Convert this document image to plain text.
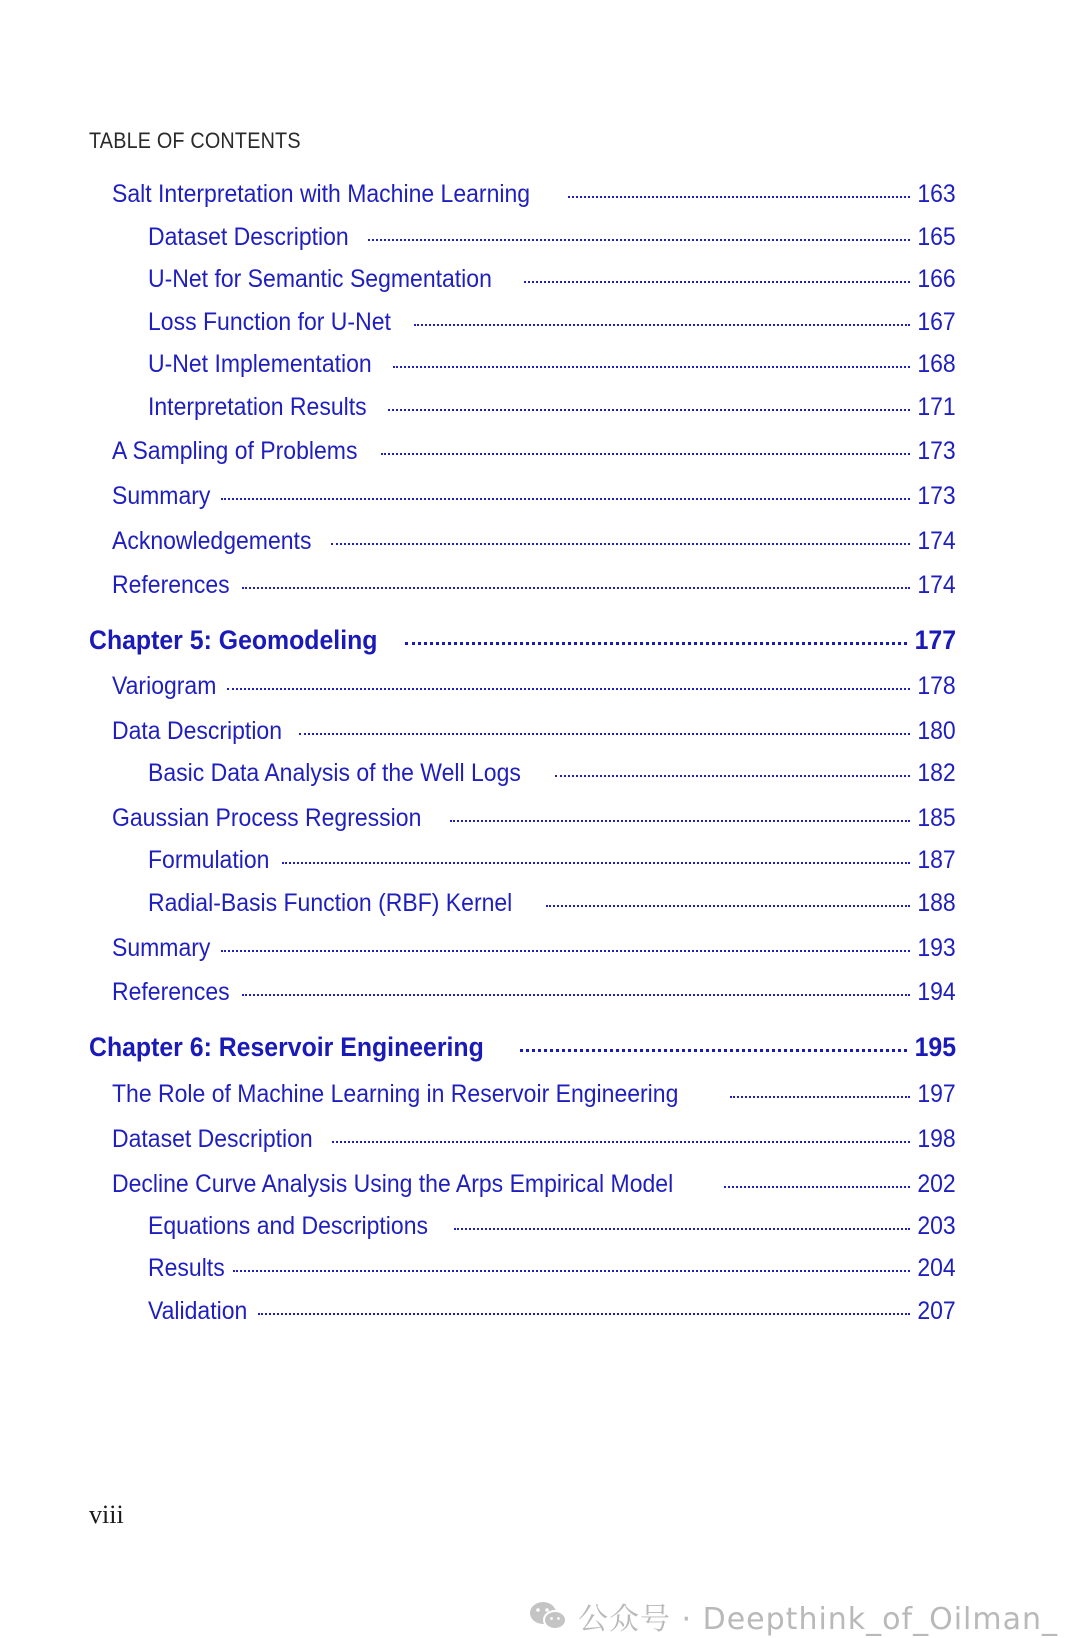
TABLE OF CONTENTS
Salt Interpretation with Machine Learning	163
Dataset Description	165
U-Net for Semantic Segmentation	166
Loss Function for U-Net	167
U-Net Implementation	168
Interpretation Results	171
A Sampling of Problems	173
Summary	173
Acknowledgements	174
References	174
Chapter 5: Geomodeling	177
Variogram	178
Data Description	180
Basic Data Analysis of the Well Logs	182
Gaussian Process Regression	185
Formulation	187
Radial-Basis Function (RBF) Kernel	188
Summary	193
References	194
Chapter 6: Reservoir Engineering	195
The Role of Machine Learning in Reservoir Engineering	197
Dataset Description	198
Decline Curve Analysis Using the Arps Empirical Model	202
Equations and Descriptions	203
Results	204
Validation	207
viii
公众号 · Deepthink_of_Oilman_
